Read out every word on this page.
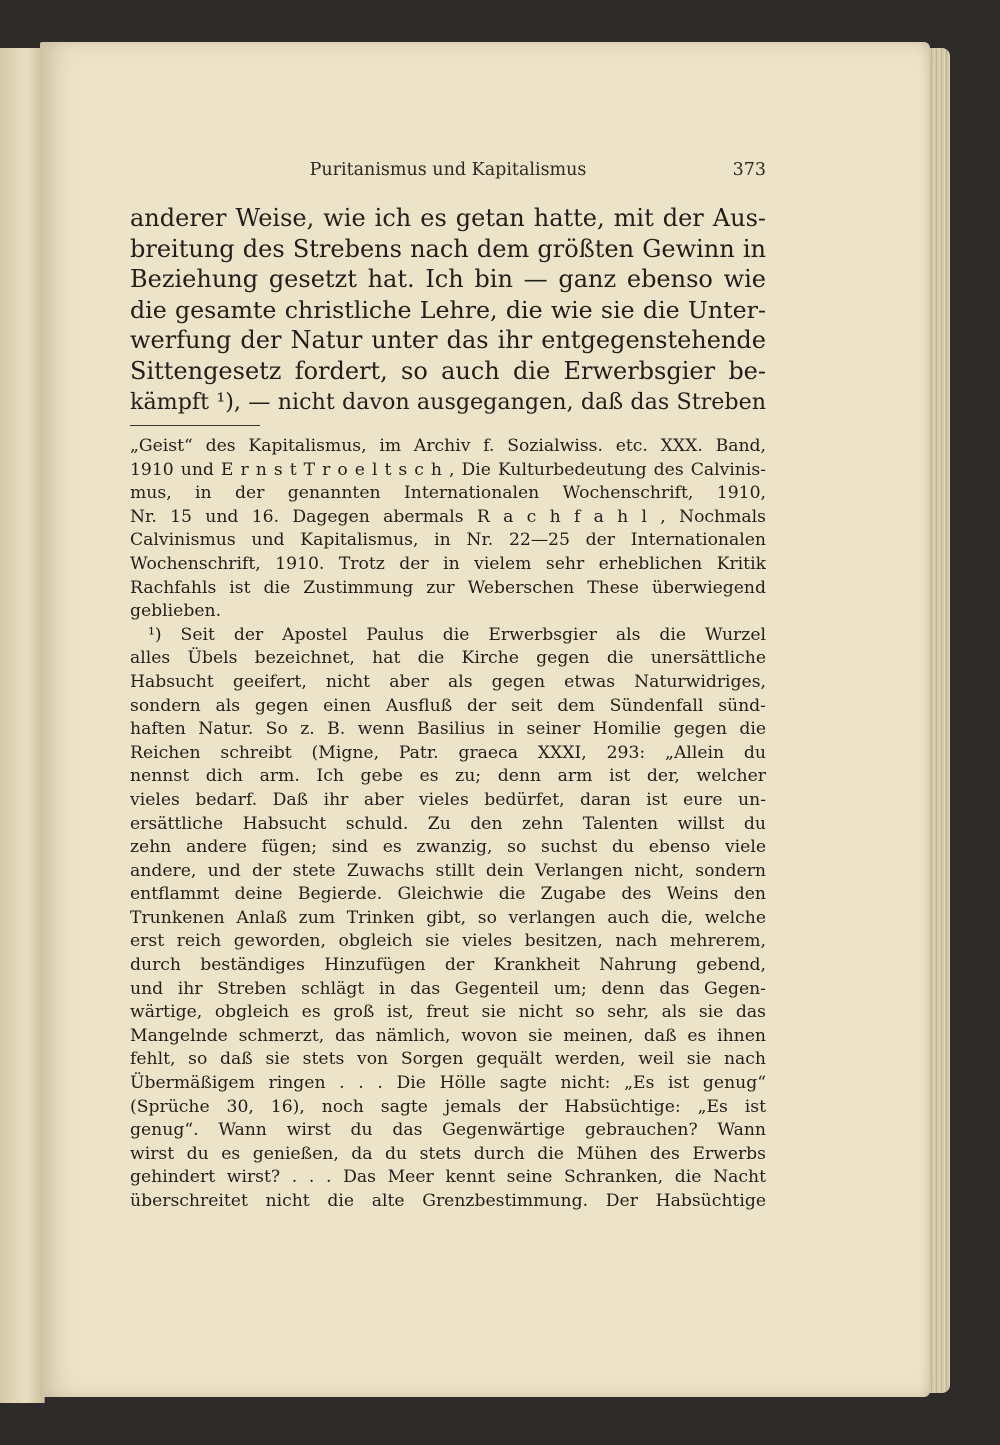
Puritanismus und Kapitalismus	373
anderer Weise, wie ich es getan hatte, mit der Aus-
breitung des Strebens nach dem größten Gewinn in
Beziehung gesetzt hat. Ich bin — ganz ebenso wie
die gesamte christliche Lehre, die wie sie die Unter-
werfung der Natur unter das ihr entgegenstehende
Sittengesetz fordert, so auch die Erwerbsgier be-
kämpft ¹), — nicht davon ausgegangen, daß das Streben
„Geist“ des Kapitalismus, im Archiv f. Sozialwiss. etc. XXX. Band,
1910 und E r n s t T r o e l t s c h , Die Kulturbedeutung des Calvinis-
mus, in der genannten Internationalen Wochenschrift, 1910,
Nr. 15 und 16. Dagegen abermals R a c h f a h l , Nochmals
Calvinismus und Kapitalismus, in Nr. 22—25 der Internationalen
Wochenschrift, 1910. Trotz der in vielem sehr erheblichen Kritik
Rachfahls ist die Zustimmung zur Weberschen These überwiegend
geblieben.
¹) Seit der Apostel Paulus die Erwerbsgier als die Wurzel
alles Übels bezeichnet, hat die Kirche gegen die unersättliche
Habsucht geeifert, nicht aber als gegen etwas Naturwidriges,
sondern als gegen einen Ausfluß der seit dem Sündenfall sünd-
haften Natur. So z. B. wenn Basilius in seiner Homilie gegen die
Reichen schreibt (Migne, Patr. graeca XXXI, 293: „Allein du
nennst dich arm. Ich gebe es zu; denn arm ist der, welcher
vieles bedarf. Daß ihr aber vieles bedürfet, daran ist eure un-
ersättliche Habsucht schuld. Zu den zehn Talenten willst du
zehn andere fügen; sind es zwanzig, so suchst du ebenso viele
andere, und der stete Zuwachs stillt dein Verlangen nicht, sondern
entflammt deine Begierde. Gleichwie die Zugabe des Weins den
Trunkenen Anlaß zum Trinken gibt, so verlangen auch die, welche
erst reich geworden, obgleich sie vieles besitzen, nach mehrerem,
durch beständiges Hinzufügen der Krankheit Nahrung gebend,
und ihr Streben schlägt in das Gegenteil um; denn das Gegen-
wärtige, obgleich es groß ist, freut sie nicht so sehr, als sie das
Mangelnde schmerzt, das nämlich, wovon sie meinen, daß es ihnen
fehlt, so daß sie stets von Sorgen gequält werden, weil sie nach
Übermäßigem ringen . . . Die Hölle sagte nicht: „Es ist genug“
(Sprüche 30, 16), noch sagte jemals der Habsüchtige: „Es ist
genug“. Wann wirst du das Gegenwärtige gebrauchen? Wann
wirst du es genießen, da du stets durch die Mühen des Erwerbs
gehindert wirst? . . . Das Meer kennt seine Schranken, die Nacht
überschreitet nicht die alte Grenzbestimmung. Der Habsüchtige
